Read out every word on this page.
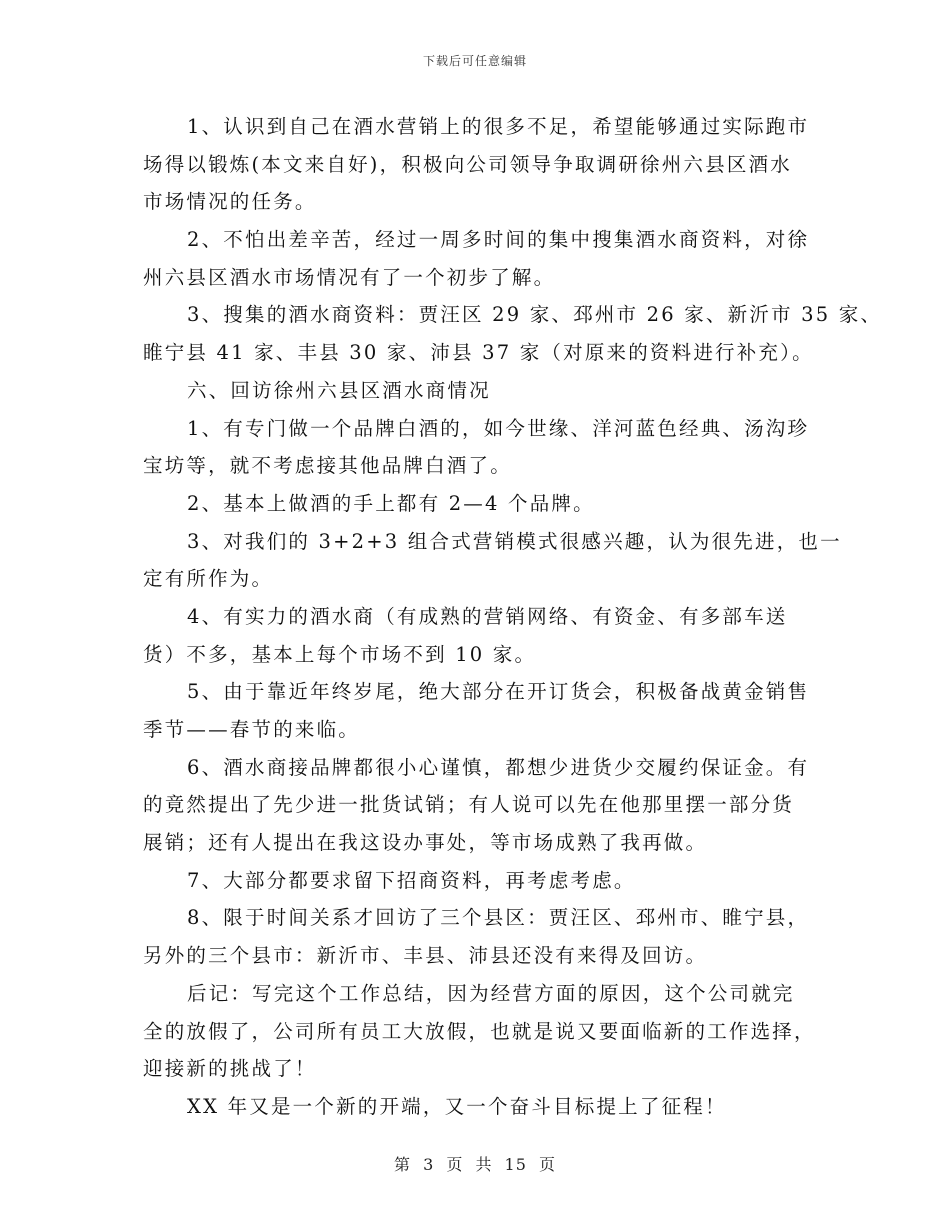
下载后可任意编辑
1、认识到自己在酒水营销上的很多不足，希望能够通过实际跑市
场得以锻炼(本文来自好)，积极向公司领导争取调研徐州六县区酒水
市场情况的任务。
2、不怕出差辛苦，经过一周多时间的集中搜集酒水商资料，对徐
州六县区酒水市场情况有了一个初步了解。
3、搜集的酒水商资料：贾汪区 29 家、邳州市 26 家、新沂市 35 家、
睢宁县 41 家、丰县 30 家、沛县 37 家（对原来的资料进行补充）。
六、回访徐州六县区酒水商情况
1、有专门做一个品牌白酒的，如今世缘、洋河蓝色经典、汤沟珍
宝坊等，就不考虑接其他品牌白酒了。
2、基本上做酒的手上都有 2—4 个品牌。
3、对我们的 3+2+3 组合式营销模式很感兴趣，认为很先进，也一
定有所作为。
4、有实力的酒水商（有成熟的营销网络、有资金、有多部车送
货）不多，基本上每个市场不到 10 家。
5、由于靠近年终岁尾，绝大部分在开订货会，积极备战黄金销售
季节——春节的来临。
6、酒水商接品牌都很小心谨慎，都想少进货少交履约保证金。有
的竟然提出了先少进一批货试销；有人说可以先在他那里摆一部分货
展销；还有人提出在我这设办事处，等市场成熟了我再做。
7、大部分都要求留下招商资料，再考虑考虑。
8、限于时间关系才回访了三个县区：贾汪区、邳州市、睢宁县，
另外的三个县市：新沂市、丰县、沛县还没有来得及回访。
后记：写完这个工作总结，因为经营方面的原因，这个公司就完
全的放假了，公司所有员工大放假，也就是说又要面临新的工作选择，
迎接新的挑战了！
XX 年又是一个新的开端，又一个奋斗目标提上了征程！
第 3 页 共 15 页
